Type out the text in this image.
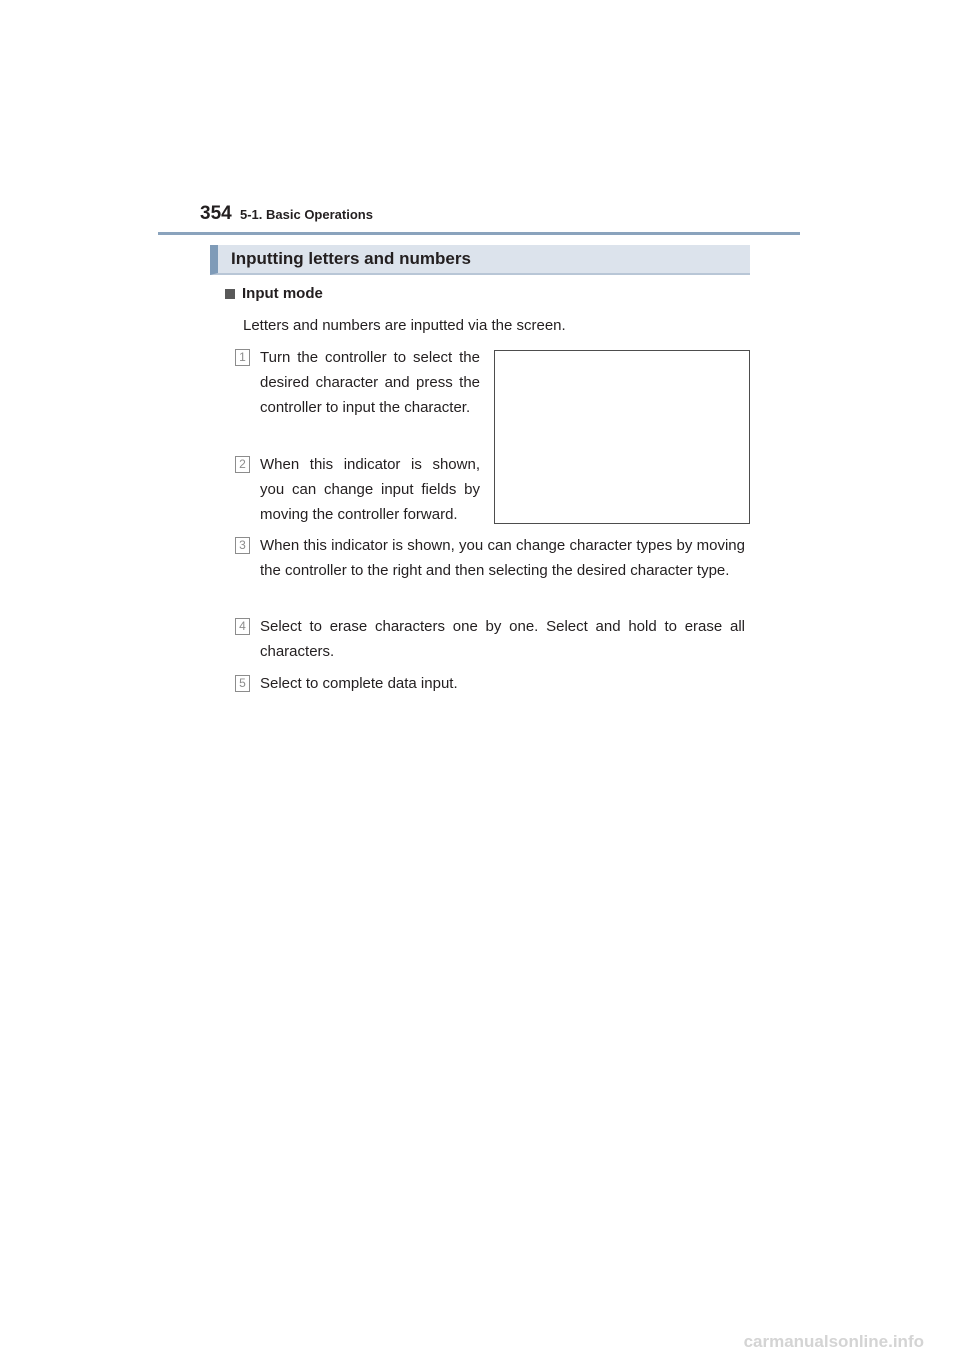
354 5-1. Basic Operations
Inputting letters and numbers
Input mode
Letters and numbers are inputted via the screen.
1 Turn the controller to select the desired character and press the controller to input the character.
2 When this indicator is shown, you can change input fields by moving the controller forward.
3 When this indicator is shown, you can change character types by moving the controller to the right and then selecting the desired character type.
4 Select to erase characters one by one. Select and hold to erase all characters.
5 Select to complete data input.
carmanualsonline.info
